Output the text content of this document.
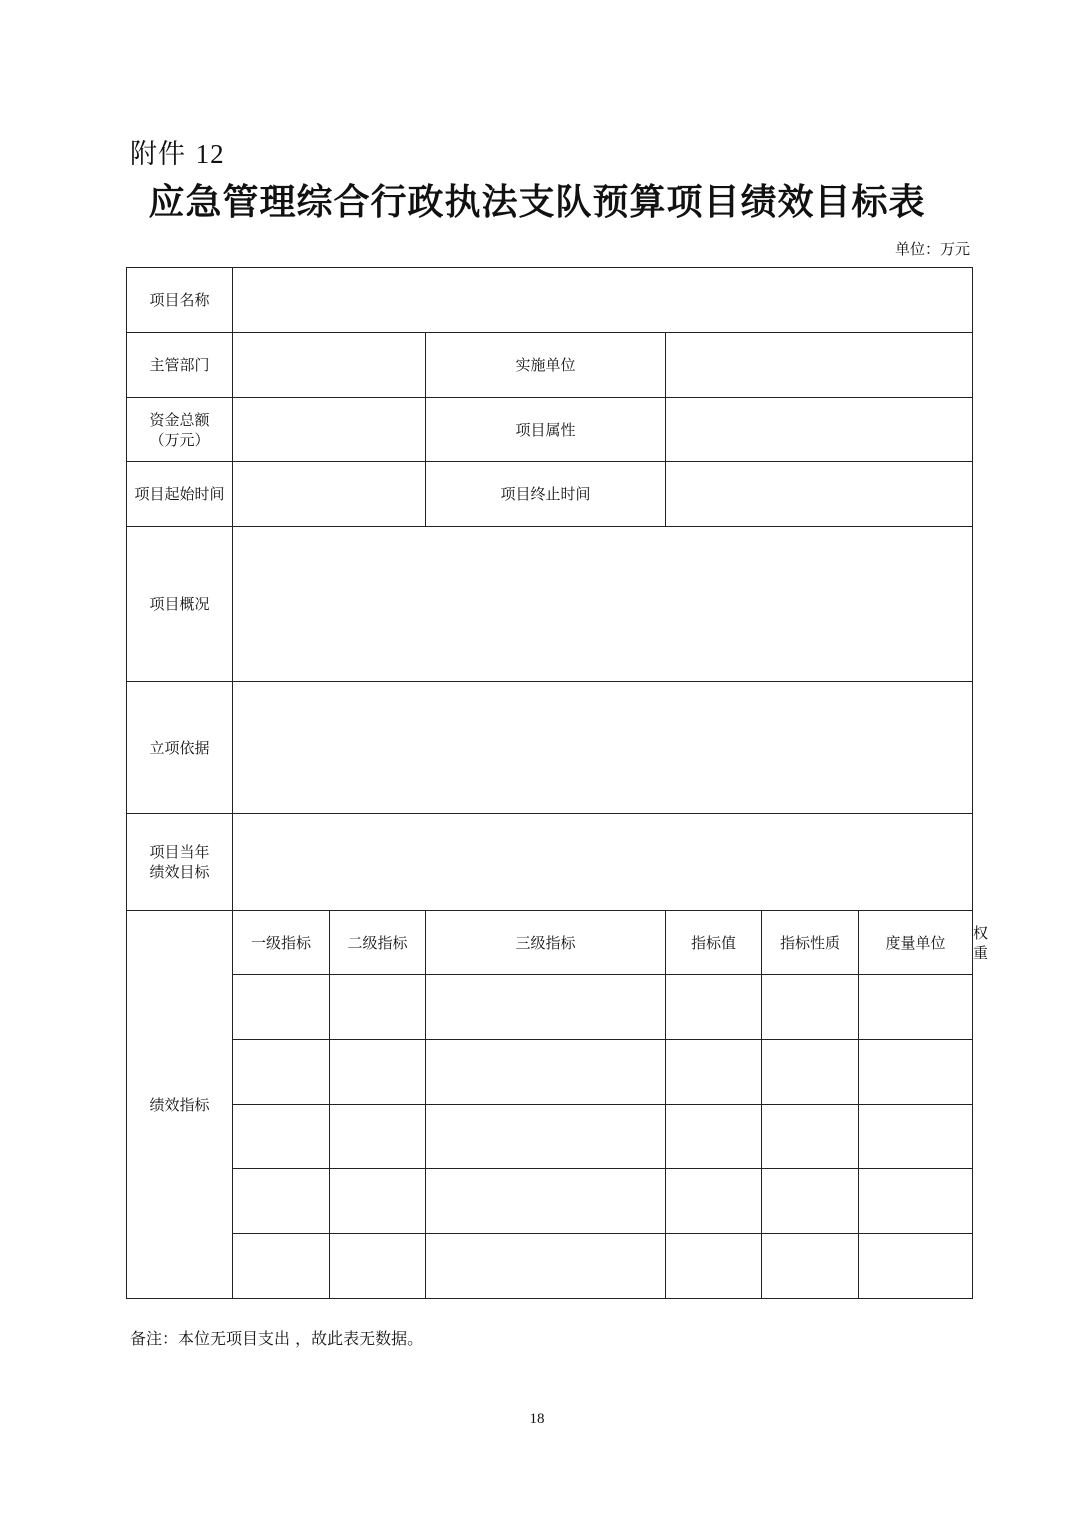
附件 12
应急管理综合行政执法支队预算项目绩效目标表
单位：万元
项目名称							
主管部门			实施单位				
资金总额
（万元）			项目属性				
项目起始时间			项目终止时间				
项目概况							
立项依据							
项目当年
绩效目标							
绩效指标	一级指标	二级指标	三级指标	指标值	指标性质	度量单位	权重

备注：本位无项目支出 ，故此表无数据。
18
